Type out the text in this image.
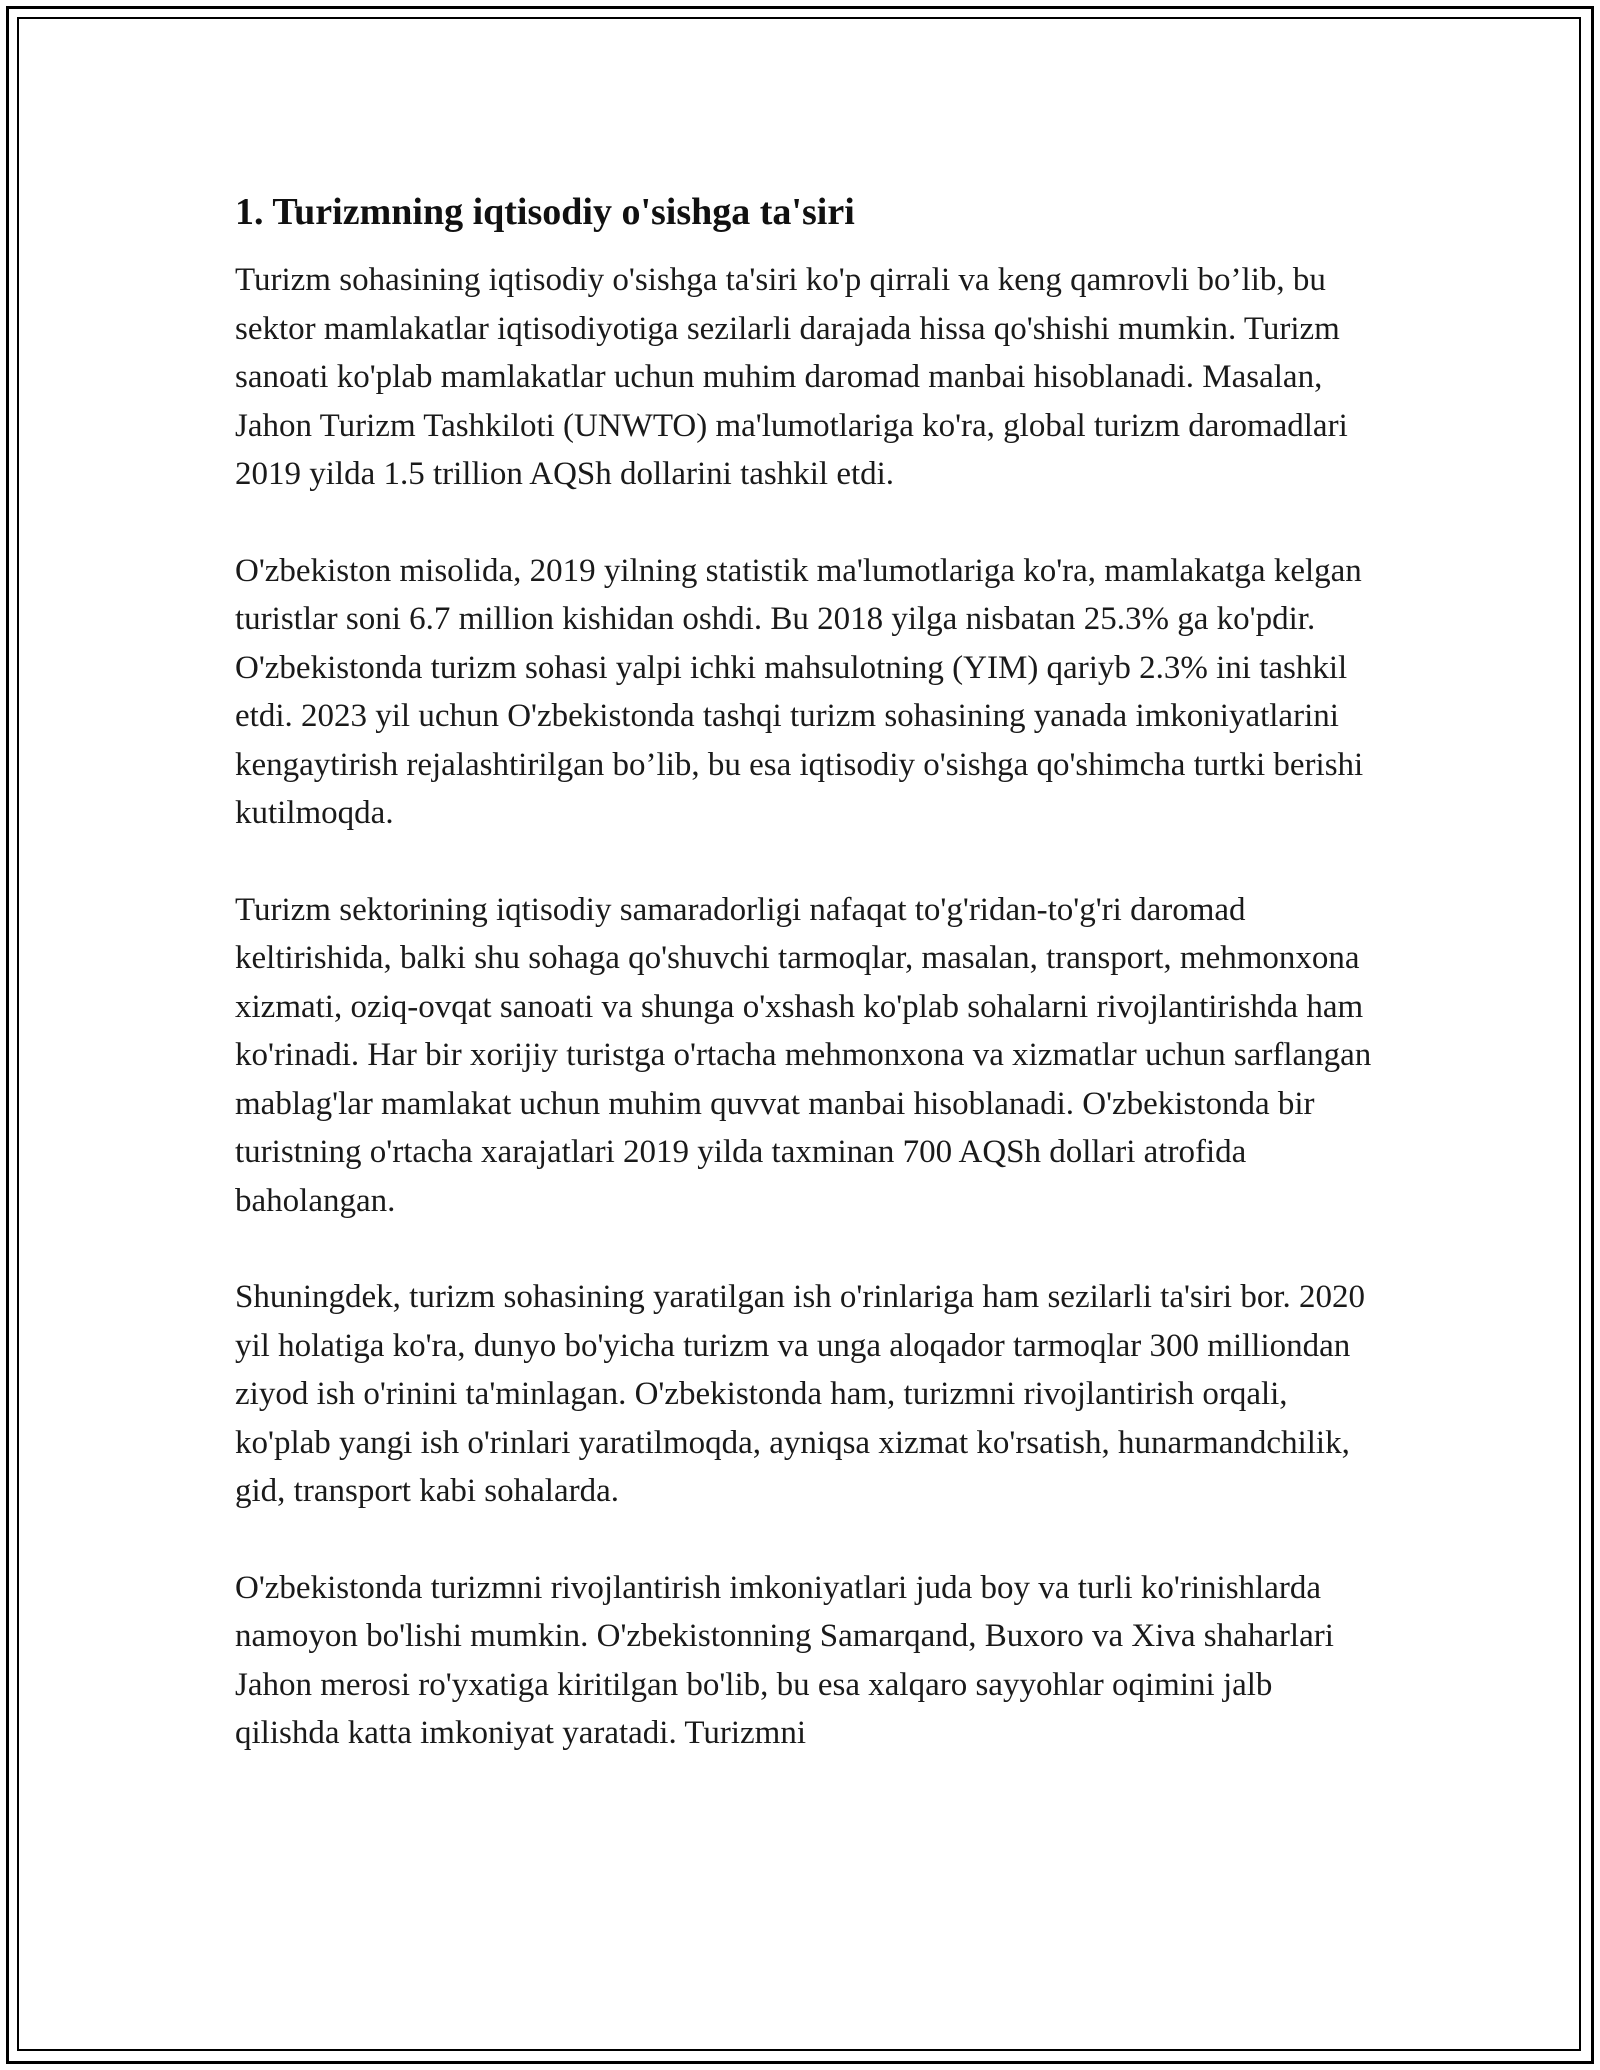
1. Turizmning iqtisodiy o'sishga ta'siri

Turizm sohasining iqtisodiy o'sishga ta'siri ko'p qirrali va keng qamrovli bo’lib, bu sektor mamlakatlar iqtisodiyotiga sezilarli darajada hissa qo'shishi mumkin. Turizm sanoati ko'plab mamlakatlar uchun muhim daromad manbai hisoblanadi. Masalan, Jahon Turizm Tashkiloti (UNWTO) ma'lumotlariga ko'ra, global turizm daromadlari 2019 yilda 1.5 trillion AQSh dollarini tashkil etdi.

O'zbekiston misolida, 2019 yilning statistik ma'lumotlariga ko'ra, mamlakatga kelgan turistlar soni 6.7 million kishidan oshdi. Bu 2018 yilga nisbatan 25.3% ga ko'pdir. O'zbekistonda turizm sohasi yalpi ichki mahsulotning (YIM) qariyb 2.3% ini tashkil etdi. 2023 yil uchun O'zbekistonda tashqi turizm sohasining yanada imkoniyatlarini kengaytirish rejalashtirilgan bo’lib, bu esa iqtisodiy o'sishga qo'shimcha turtki berishi kutilmoqda.

Turizm sektorining iqtisodiy samaradorligi nafaqat to'g'ridan-to'g'ri daromad keltirishida, balki shu sohaga qo'shuvchi tarmoqlar, masalan, transport, mehmonxona xizmati, oziq-ovqat sanoati va shunga o'xshash ko'plab sohalarni rivojlantirishda ham ko'rinadi. Har bir xorijiy turistga o'rtacha mehmonxona va xizmatlar uchun sarflangan mablag'lar mamlakat uchun muhim quvvat manbai hisoblanadi. O'zbekistonda bir turistning o'rtacha xarajatlari 2019 yilda taxminan 700 AQSh dollari atrofida baholangan.

Shuningdek, turizm sohasining yaratilgan ish o'rinlariga ham sezilarli ta'siri bor. 2020 yil holatiga ko'ra, dunyo bo'yicha turizm va unga aloqador tarmoqlar 300 milliondan ziyod ish o'rinini ta'minlagan. O'zbekistonda ham, turizmni rivojlantirish orqali, ko'plab yangi ish o'rinlari yaratilmoqda, ayniqsa xizmat ko'rsatish, hunarmandchilik, gid, transport kabi sohalarda.

O'zbekistonda turizmni rivojlantirish imkoniyatlari juda boy va turli ko'rinishlarda namoyon bo'lishi mumkin. O'zbekistonning Samarqand, Buxoro va Xiva shaharlari Jahon merosi ro'yxatiga kiritilgan bo'lib, bu esa xalqaro sayyohlar oqimini jalb qilishda katta imkoniyat yaratadi. Turizmni
